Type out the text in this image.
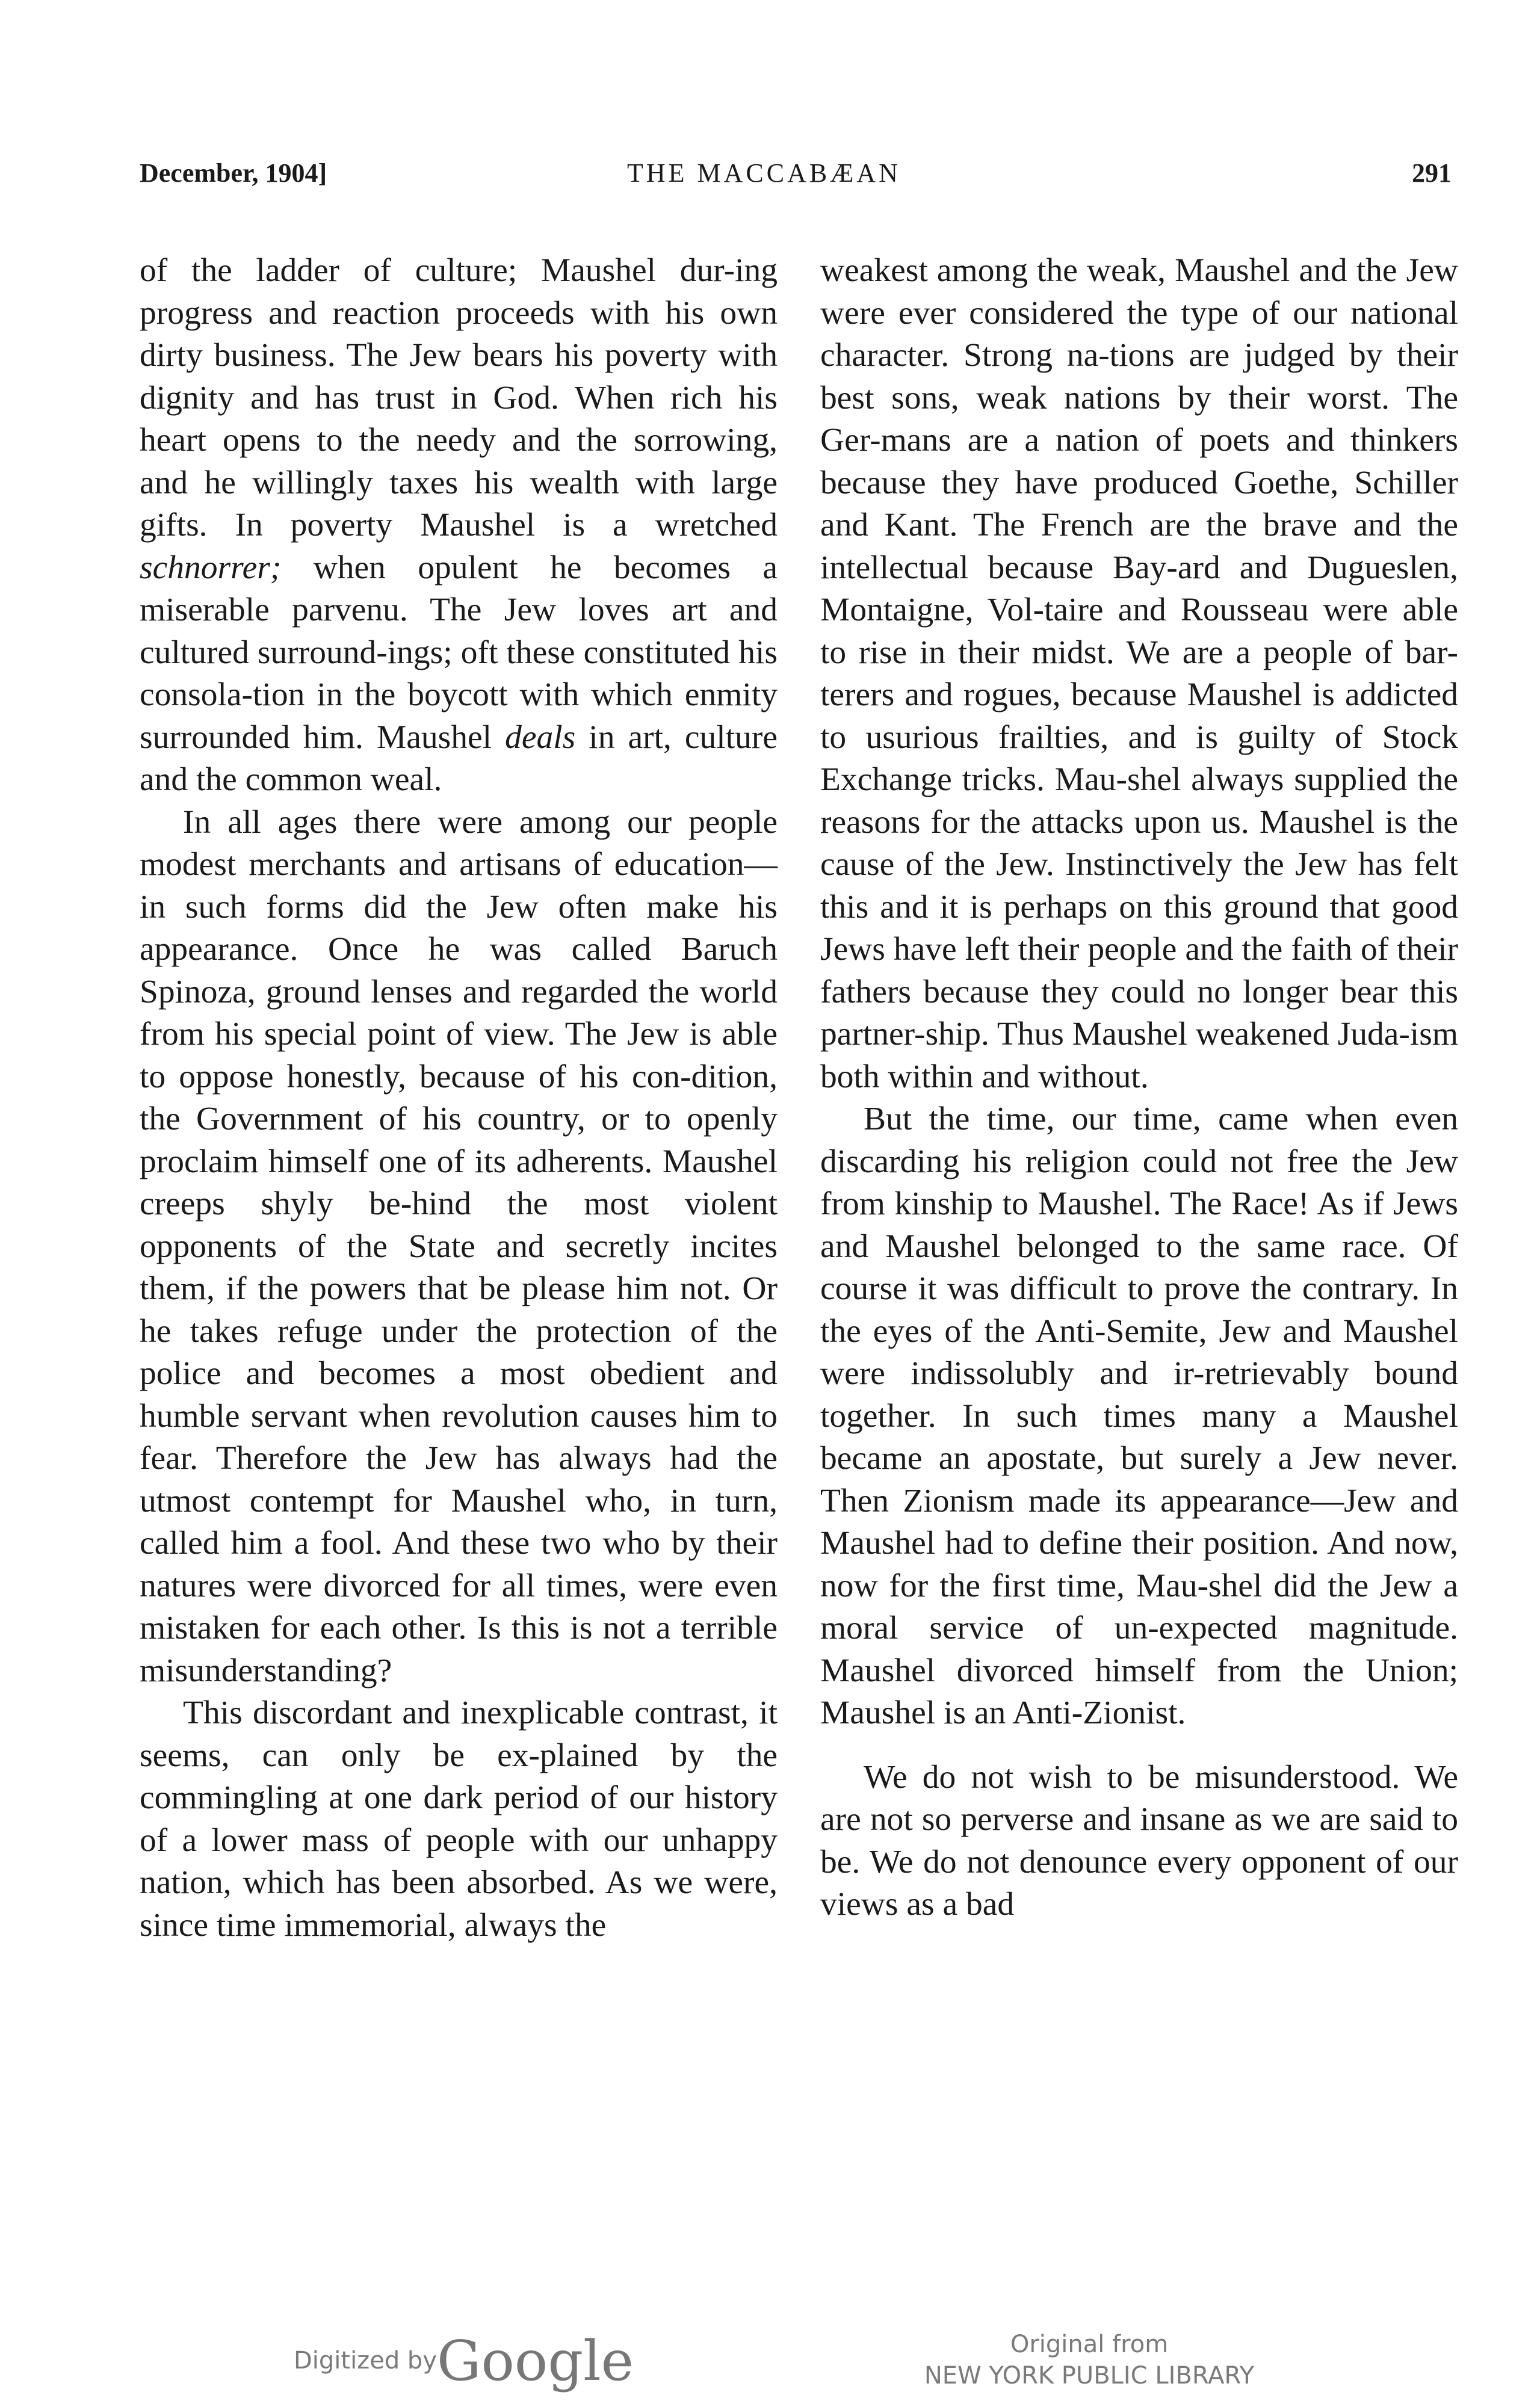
December, 1904]	THE MACCABÆAN	291

of the ladder of culture; Maushel dur-ing progress and reaction proceeds with his own dirty business. The Jew bears his poverty with dignity and has trust in God. When rich his heart opens to the needy and the sorrowing, and he willingly taxes his wealth with large gifts. In poverty Maushel is a wretched schnorrer; when opulent he becomes a miserable parvenu. The Jew loves art and cultured surround-ings; oft these constituted his consola-tion in the boycott with which enmity surrounded him. Maushel deals in art, culture and the common weal.

In all ages there were among our people modest merchants and artisans of education—in such forms did the Jew often make his appearance. Once he was called Baruch Spinoza, ground lenses and regarded the world from his special point of view. The Jew is able to oppose honestly, because of his con-dition, the Government of his country, or to openly proclaim himself one of its adherents. Maushel creeps shyly be-hind the most violent opponents of the State and secretly incites them, if the powers that be please him not. Or he takes refuge under the protection of the police and becomes a most obedient and humble servant when revolution causes him to fear. Therefore the Jew has always had the utmost contempt for Maushel who, in turn, called him a fool. And these two who by their natures were divorced for all times, were even mistaken for each other. Is this is not a terrible misunderstanding?

This discordant and inexplicable contrast, it seems, can only be ex-plained by the commingling at one dark period of our history of a lower mass of people with our unhappy nation, which has been absorbed. As we were, since time immemorial, always the

weakest among the weak, Maushel and the Jew were ever considered the type of our national character. Strong na-tions are judged by their best sons, weak nations by their worst. The Ger-mans are a nation of poets and thinkers because they have produced Goethe, Schiller and Kant. The French are the brave and the intellectual because Bay-ard and Dugueslen, Montaigne, Vol-taire and Rousseau were able to rise in their midst. We are a people of bar-terers and rogues, because Maushel is addicted to usurious frailties, and is guilty of Stock Exchange tricks. Mau-shel always supplied the reasons for the attacks upon us. Maushel is the cause of the Jew. Instinctively the Jew has felt this and it is perhaps on this ground that good Jews have left their people and the faith of their fathers because they could no longer bear this partner-ship. Thus Maushel weakened Juda-ism both within and without.

But the time, our time, came when even discarding his religion could not free the Jew from kinship to Maushel. The Race! As if Jews and Maushel belonged to the same race. Of course it was difficult to prove the contrary. In the eyes of the Anti-Semite, Jew and Maushel were indissolubly and ir-retrievably bound together. In such times many a Maushel became an apostate, but surely a Jew never. Then Zionism made its appearance—Jew and Maushel had to define their position. And now, now for the first time, Mau-shel did the Jew a moral service of un-expected magnitude. Maushel divorced himself from the Union; Maushel is an Anti-Zionist.

We do not wish to be misunderstood. We are not so perverse and insane as we are said to be. We do not denounce every opponent of our views as a bad

Digitized by Google	Original from
NEW YORK PUBLIC LIBRARY
